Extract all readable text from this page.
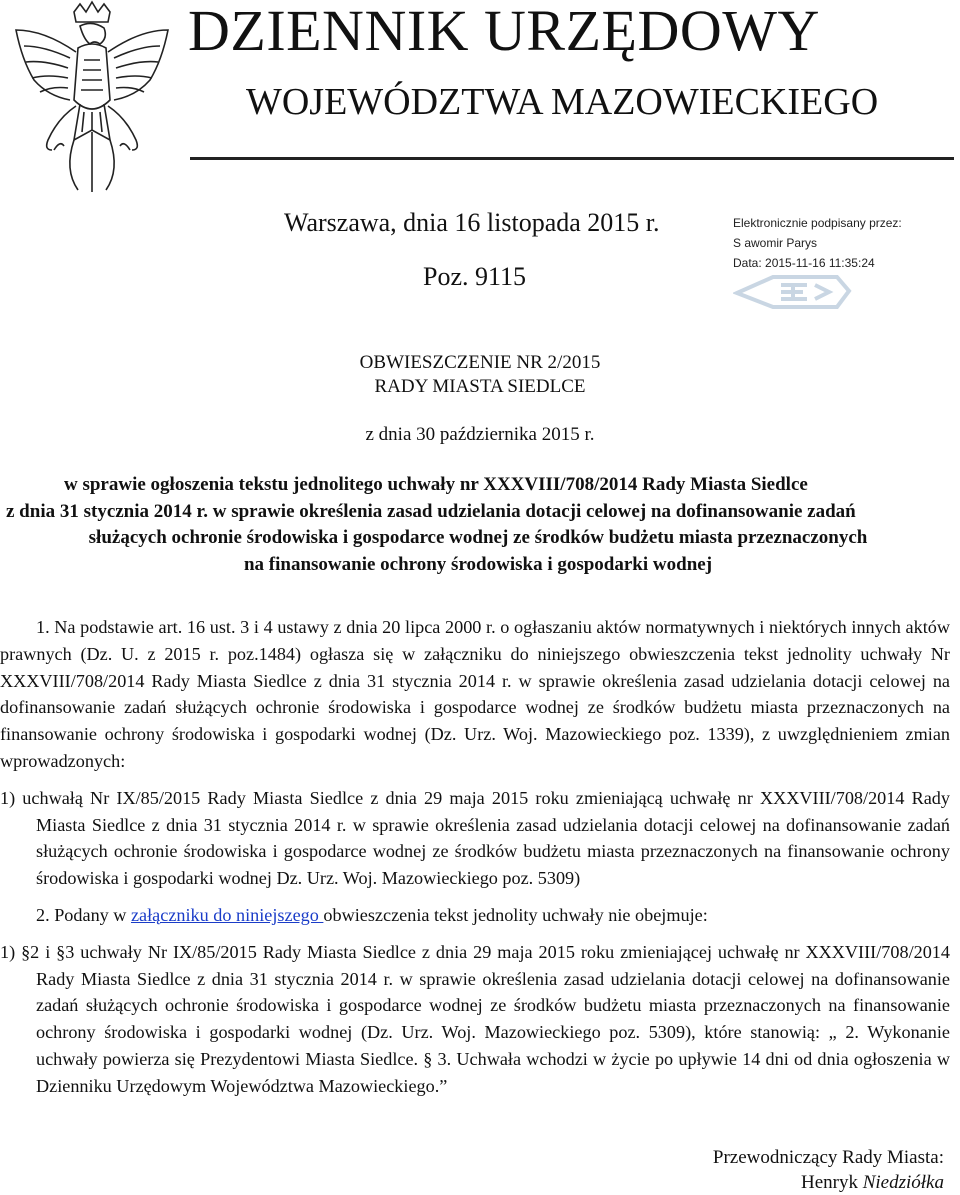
DZIENNIK URZĘDOWY
WOJEWÓDZTWA MAZOWIECKIEGO
Warszawa, dnia 16 listopada 2015 r.
Poz. 9115
Elektronicznie podpisany przez:
S awomir Parys
Data: 2015-11-16 11:35:24
OBWIESZCZENIE NR 2/2015
RADY MIASTA SIEDLCE
z dnia 30 października 2015 r.
w sprawie ogłoszenia tekstu jednolitego uchwały nr XXXVIII/708/2014 Rady Miasta Siedlce
z dnia 31 stycznia 2014 r. w sprawie określenia zasad udzielania dotacji celowej na dofinansowanie zadań
służących ochronie środowiska i gospodarce wodnej ze środków budżetu miasta przeznaczonych
na finansowanie ochrony środowiska i gospodarki wodnej

1. Na podstawie art. 16 ust. 3 i 4 ustawy z dnia 20 lipca 2000 r. o ogłaszaniu aktów normatywnych i niektórych innych aktów prawnych (Dz. U. z 2015 r. poz.1484) ogłasza się w załączniku do niniejszego obwieszczenia tekst jednolity uchwały Nr XXXVIII/708/2014 Rady Miasta Siedlce z dnia 31 stycznia 2014 r. w sprawie określenia zasad udzielania dotacji celowej na dofinansowanie zadań służących ochronie środowiska i gospodarce wodnej ze środków budżetu miasta przeznaczonych na finansowanie ochrony środowiska i gospodarki wodnej (Dz. Urz. Woj. Mazowieckiego poz. 1339), z uwzględnieniem zmian wprowadzonych:

1) uchwałą Nr IX/85/2015 Rady Miasta Siedlce z dnia 29 maja 2015 roku zmieniającą uchwałę nr XXXVIII/708/2014 Rady Miasta Siedlce z dnia 31 stycznia 2014 r. w sprawie określenia zasad udzielania dotacji celowej na dofinansowanie zadań służących ochronie środowiska i gospodarce wodnej ze środków budżetu miasta przeznaczonych na finansowanie ochrony środowiska i gospodarki wodnej Dz. Urz. Woj. Mazowieckiego poz. 5309)

2. Podany w załączniku do niniejszego obwieszczenia tekst jednolity uchwały nie obejmuje:

1) §2 i §3 uchwały Nr IX/85/2015 Rady Miasta Siedlce z dnia 29 maja 2015 roku zmieniającej uchwałę nr XXXVIII/708/2014 Rady Miasta Siedlce z dnia 31 stycznia 2014 r. w sprawie określenia zasad udzielania dotacji celowej na dofinansowanie zadań służących ochronie środowiska i gospodarce wodnej ze środków budżetu miasta przeznaczonych na finansowanie ochrony środowiska i gospodarki wodnej (Dz. Urz. Woj. Mazowieckiego poz. 5309), które stanowią: „ 2. Wykonanie uchwały powierza się Prezydentowi Miasta Siedlce. § 3. Uchwała wchodzi w życie po upływie 14 dni od dnia ogłoszenia w Dzienniku Urzędowym Województwa Mazowieckiego.”

Przewodniczący Rady Miasta:
Henryk Niedziółka
